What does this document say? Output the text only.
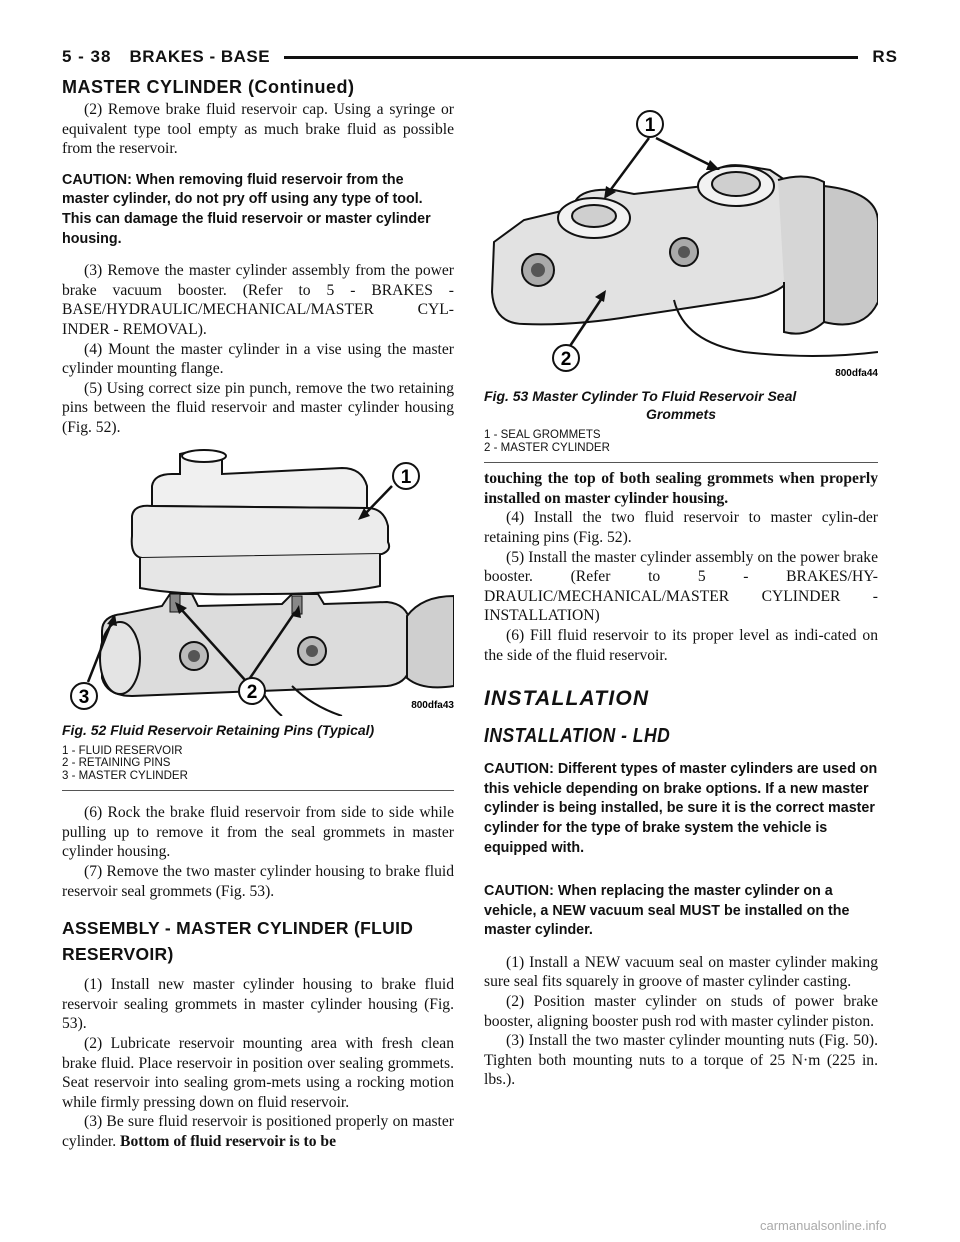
5 - 38 BRAKES - BASE	RS
MASTER CYLINDER (Continued)

(2) Remove brake fluid reservoir cap. Using a syringe or equivalent type tool empty as much brake fluid as possible from the reservoir.

CAUTION: When removing fluid reservoir from the master cylinder, do not pry off using any type of tool. This can damage the fluid reservoir or master cylinder housing.

(3) Remove the master cylinder assembly from the power brake vacuum booster. (Refer to 5 - BRAKES - BASE/HYDRAULIC/MECHANICAL/MASTER CYL-INDER - REMOVAL).

(4) Mount the master cylinder in a vise using the master cylinder mounting flange.

(5) Using correct size pin punch, remove the two retaining pins between the fluid reservoir and master cylinder housing (Fig. 52).

1
2
3	800dfa43
Fig. 52 Fluid Reservoir Retaining Pins (Typical)
1 - FLUID RESERVOIR
2 - RETAINING PINS
3 - MASTER CYLINDER

(6) Rock the brake fluid reservoir from side to side while pulling up to remove it from the seal grommets in master cylinder housing.

(7) Remove the two master cylinder housing to brake fluid reservoir seal grommets (Fig. 53).

ASSEMBLY - MASTER CYLINDER (FLUID RESERVOIR)

(1) Install new master cylinder housing to brake fluid reservoir sealing grommets in master cylinder housing (Fig. 53).

(2) Lubricate reservoir mounting area with fresh clean brake fluid. Place reservoir in position over sealing grommets. Seat reservoir into sealing grom-mets using a rocking motion while firmly pressing down on fluid reservoir.

(3) Be sure fluid reservoir is positioned properly on master cylinder. Bottom of fluid reservoir is to be

1
2
800dfa44
Fig. 53 Master Cylinder To Fluid Reservoir Seal
Grommets
1 - SEAL GROMMETS
2 - MASTER CYLINDER

touching the top of both sealing grommets when properly installed on master cylinder housing.

(4) Install the two fluid reservoir to master cylin-der retaining pins (Fig. 52).

(5) Install the master cylinder assembly on the power brake booster. (Refer to 5 - BRAKES/HY-DRAULIC/MECHANICAL/MASTER CYLINDER - INSTALLATION)

(6) Fill fluid reservoir to its proper level as indi-cated on the side of the fluid reservoir.

INSTALLATION
INSTALLATION - LHD

CAUTION: Different types of master cylinders are used on this vehicle depending on brake options. If a new master cylinder is being installed, be sure it is the correct master cylinder for the type of brake system the vehicle is equipped with.

CAUTION: When replacing the master cylinder on a vehicle, a NEW vacuum seal MUST be installed on the master cylinder.

(1) Install a NEW vacuum seal on master cylinder making sure seal fits squarely in groove of master cylinder casting.

(2) Position master cylinder on studs of power brake booster, aligning booster push rod with master cylinder piston.

(3) Install the two master cylinder mounting nuts (Fig. 50). Tighten both mounting nuts to a torque of 25 N·m (225 in. lbs.).

carmanualsonline.info
